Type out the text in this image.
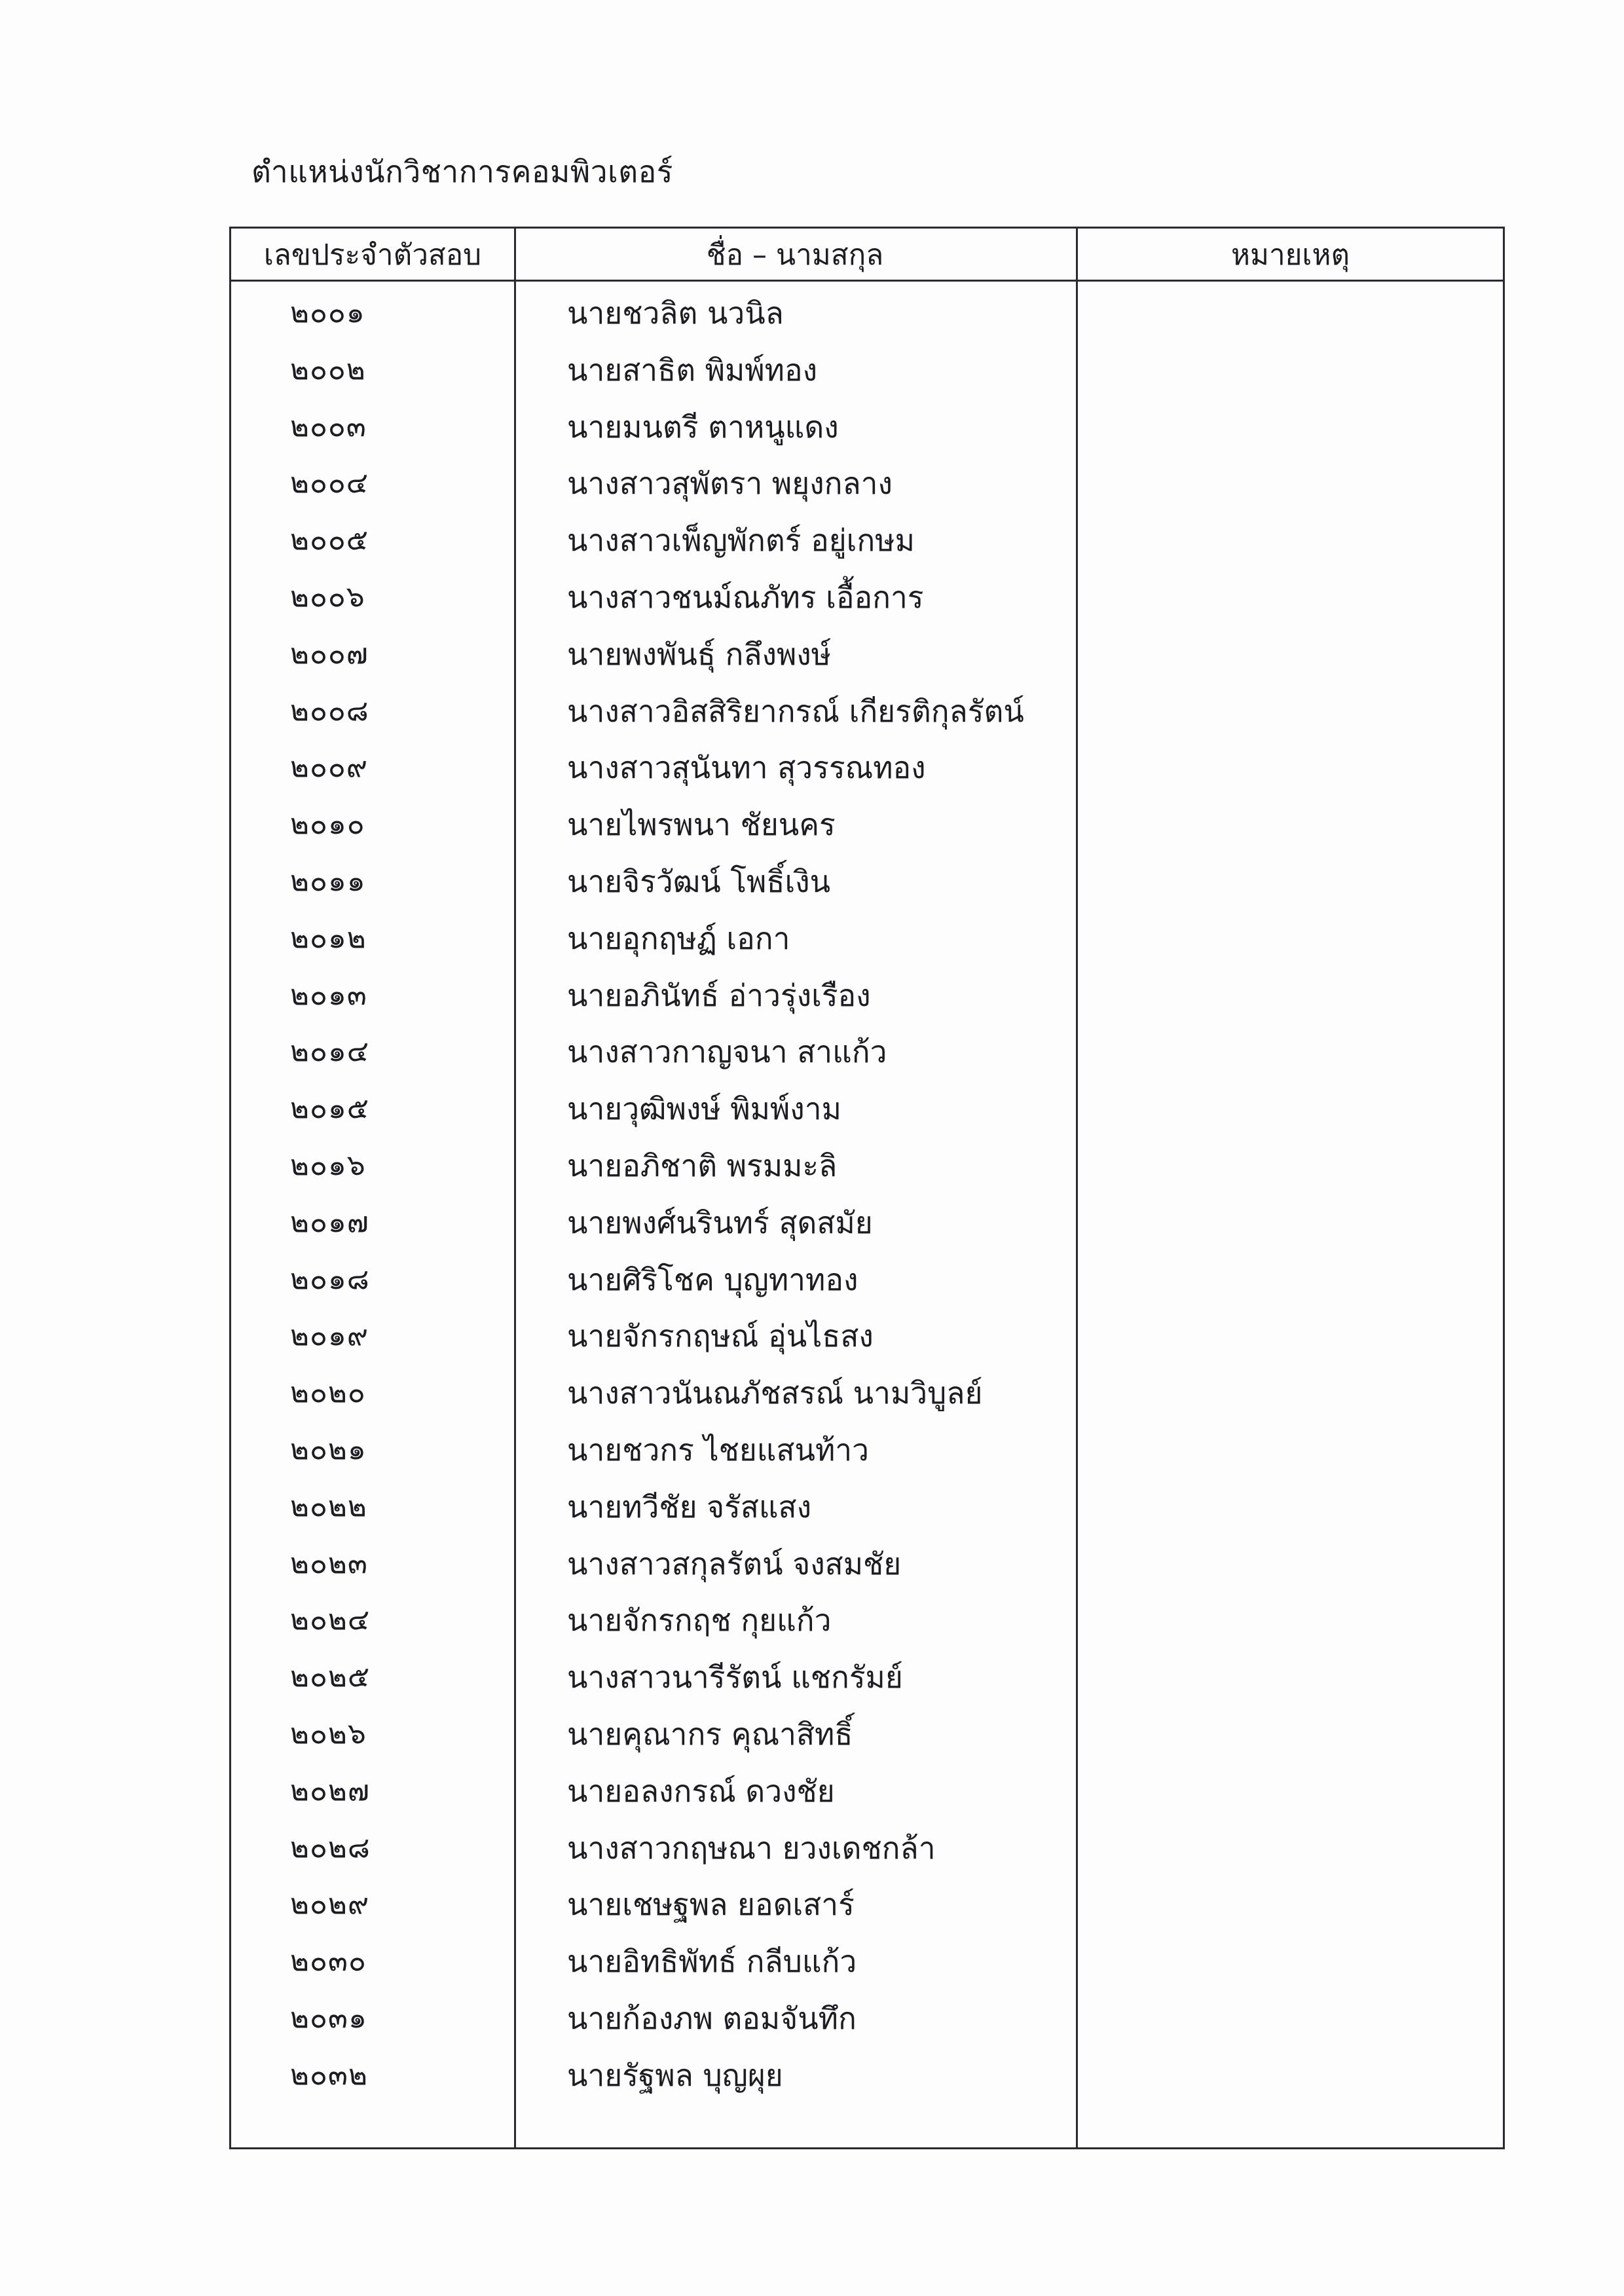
ตำแหน่งนักวิชาการคอมพิวเตอร์
เลขประจำตัวสอบ	ชื่อ – นามสกุล	หมายเหตุ
๒๐๐๑	นายชวลิต นวนิล
๒๐๐๒	นายสาธิต พิมพ์ทอง
๒๐๐๓	นายมนตรี ตาหนูแดง
๒๐๐๔	นางสาวสุพัตรา พยุงกลาง
๒๐๐๕	นางสาวเพ็ญพักตร์ อยู่เกษม
๒๐๐๖	นางสาวชนม์ณภัทร เอื้อการ
๒๐๐๗	นายพงพันธุ์ กลึงพงษ์
๒๐๐๘	นางสาวอิสสิริยากรณ์ เกียรติกุลรัตน์
๒๐๐๙	นางสาวสุนันทา สุวรรณทอง
๒๐๑๐	นายไพรพนา ชัยนคร
๒๐๑๑	นายจิรวัฒน์ โพธิ์เงิน
๒๐๑๒	นายอุกฤษฏ์ เอกา
๒๐๑๓	นายอภินัทธ์ อ่าวรุ่งเรือง
๒๐๑๔	นางสาวกาญจนา สาแก้ว
๒๐๑๕	นายวุฒิพงษ์ พิมพ์งาม
๒๐๑๖	นายอภิชาติ พรมมะลิ
๒๐๑๗	นายพงศ์นรินทร์ สุดสมัย
๒๐๑๘	นายศิริโชค บุญทาทอง
๒๐๑๙	นายจักรกฤษณ์ อุ่นไธสง
๒๐๒๐	นางสาวนันณภัชสรณ์ นามวิบูลย์
๒๐๒๑	นายชวกร ไชยแสนท้าว
๒๐๒๒	นายทวีชัย จรัสแสง
๒๐๒๓	นางสาวสกุลรัตน์ จงสมชัย
๒๐๒๔	นายจักรกฤช กุยแก้ว
๒๐๒๕	นางสาวนารีรัตน์ แชกรัมย์
๒๐๒๖	นายคุณากร คุณาสิทธิ์
๒๐๒๗	นายอลงกรณ์ ดวงชัย
๒๐๒๘	นางสาวกฤษณา ยวงเดชกล้า
๒๐๒๙	นายเชษฐพล ยอดเสาร์
๒๐๓๐	นายอิทธิพัทธ์ กลีบแก้ว
๒๐๓๑	นายก้องภพ ตอมจันทึก
๒๐๓๒	นายรัฐพล บุญผุย
